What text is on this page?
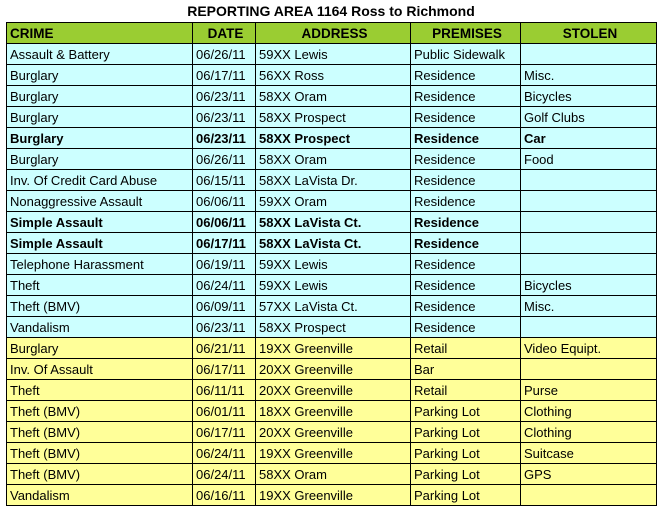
REPORTING AREA 1164 Ross to Richmond
CRIME	DATE	ADDRESS	PREMISES	STOLEN
Assault & Battery	06/26/11	59XX Lewis	Public Sidewalk	
Burglary	06/17/11	56XX Ross	Residence	Misc.
Burglary	06/23/11	58XX Oram	Residence	Bicycles
Burglary	06/23/11	58XX Prospect	Residence	Golf Clubs
Burglary	06/23/11	58XX Prospect	Residence	Car
Burglary	06/26/11	58XX Oram	Residence	Food
Inv. Of Credit Card Abuse	06/15/11	58XX LaVista Dr.	Residence	
Nonaggressive Assault	06/06/11	59XX Oram	Residence	
Simple Assault	06/06/11	58XX LaVista Ct.	Residence	
Simple Assault	06/17/11	58XX LaVista Ct.	Residence	
Telephone Harassment	06/19/11	59XX Lewis	Residence	
Theft	06/24/11	59XX Lewis	Residence	Bicycles
Theft (BMV)	06/09/11	57XX LaVista Ct.	Residence	Misc.
Vandalism	06/23/11	58XX Prospect	Residence	
Burglary	06/21/11	19XX Greenville	Retail	Video Equipt.
Inv. Of Assault	06/17/11	20XX Greenville	Bar	
Theft	06/11/11	20XX Greenville	Retail	Purse
Theft (BMV)	06/01/11	18XX Greenville	Parking Lot	Clothing
Theft (BMV)	06/17/11	20XX Greenville	Parking Lot	Clothing
Theft (BMV)	06/24/11	19XX Greenville	Parking Lot	Suitcase
Theft (BMV)	06/24/11	58XX Oram	Parking Lot	GPS
Vandalism	06/16/11	19XX Greenville	Parking Lot	
